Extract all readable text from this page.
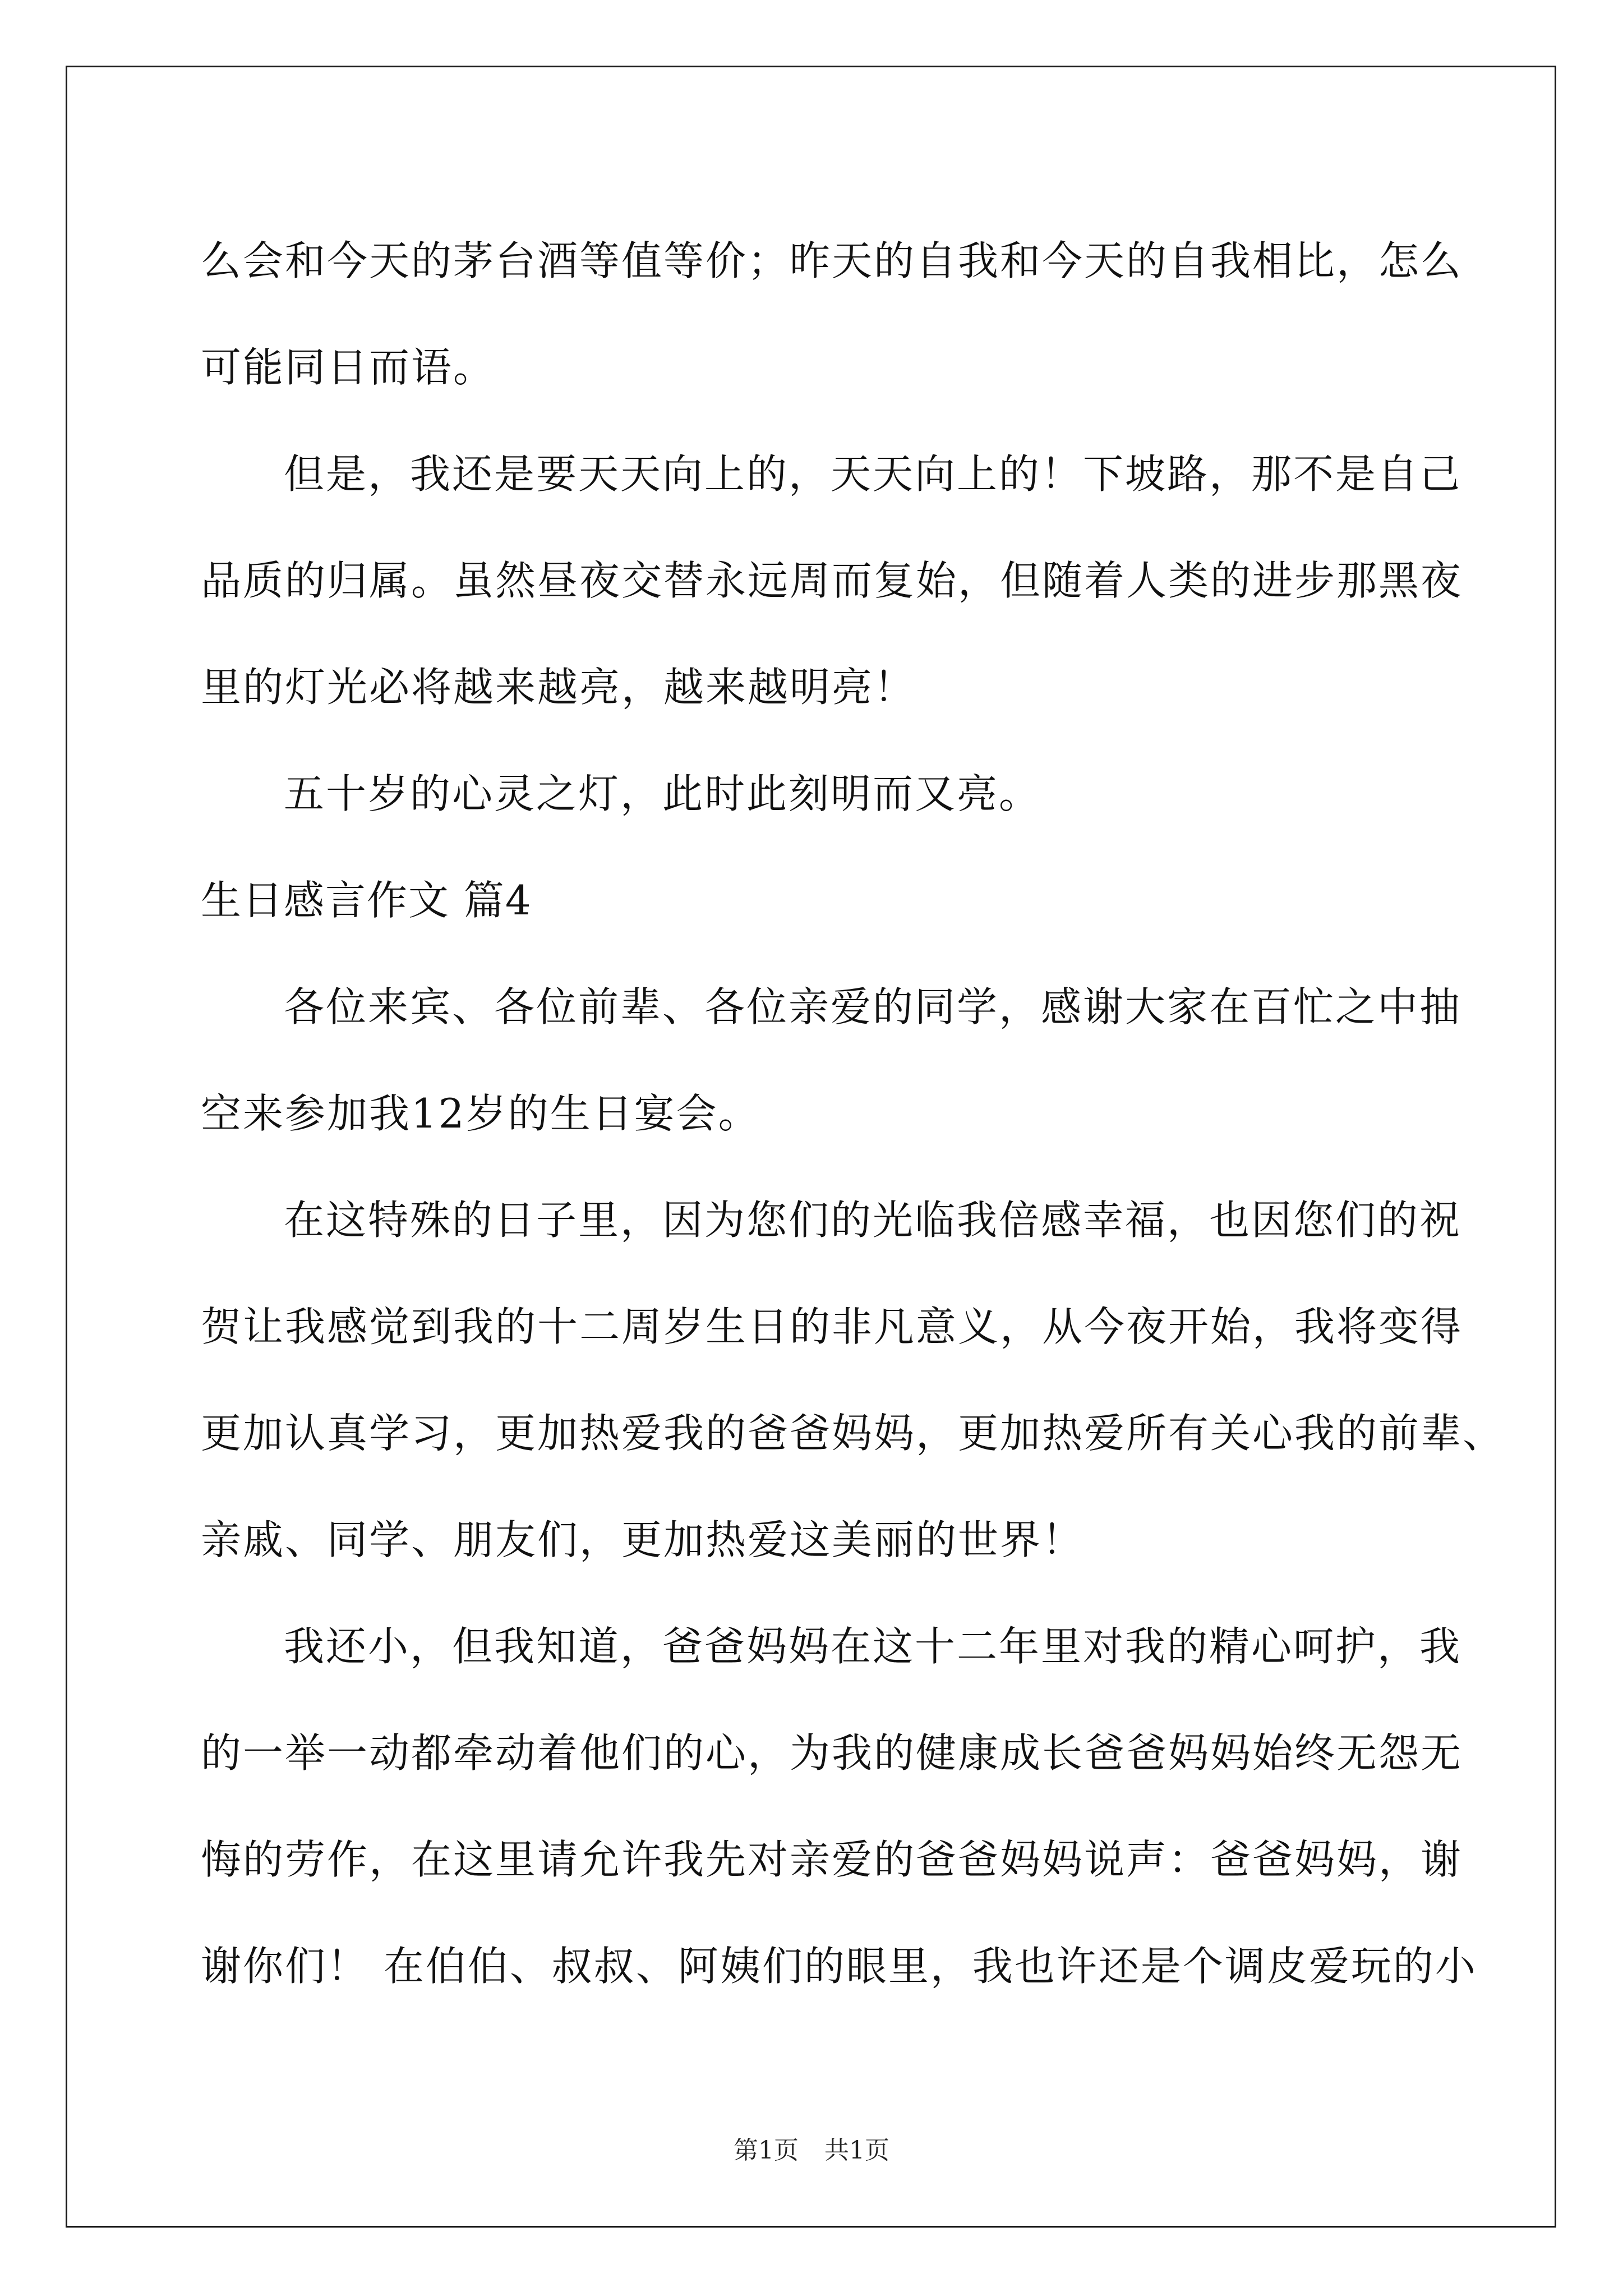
么会和今天的茅台酒等值等价；昨天的自我和今天的自我相比，怎么
可能同日而语。
但是，我还是要天天向上的，天天向上的！下坡路，那不是自己
品质的归属。虽然昼夜交替永远周而复始，但随着人类的进步那黑夜
里的灯光必将越来越亮，越来越明亮！
五十岁的心灵之灯，此时此刻明而又亮。
生日感言作文 篇4
各位来宾、各位前辈、各位亲爱的同学，感谢大家在百忙之中抽
空来参加我12岁的生日宴会。
在这特殊的日子里，因为您们的光临我倍感幸福，也因您们的祝
贺让我感觉到我的十二周岁生日的非凡意义，从今夜开始，我将变得
更加认真学习，更加热爱我的爸爸妈妈，更加热爱所有关心我的前辈、
亲戚、同学、朋友们，更加热爱这美丽的世界！
我还小，但我知道，爸爸妈妈在这十二年里对我的精心呵护，我
的一举一动都牵动着他们的心，为我的健康成长爸爸妈妈始终无怨无
悔的劳作，在这里请允许我先对亲爱的爸爸妈妈说声：爸爸妈妈，谢
谢你们！ 在伯伯、叔叔、阿姨们的眼里，我也许还是个调皮爱玩的小
第1页 共1页
